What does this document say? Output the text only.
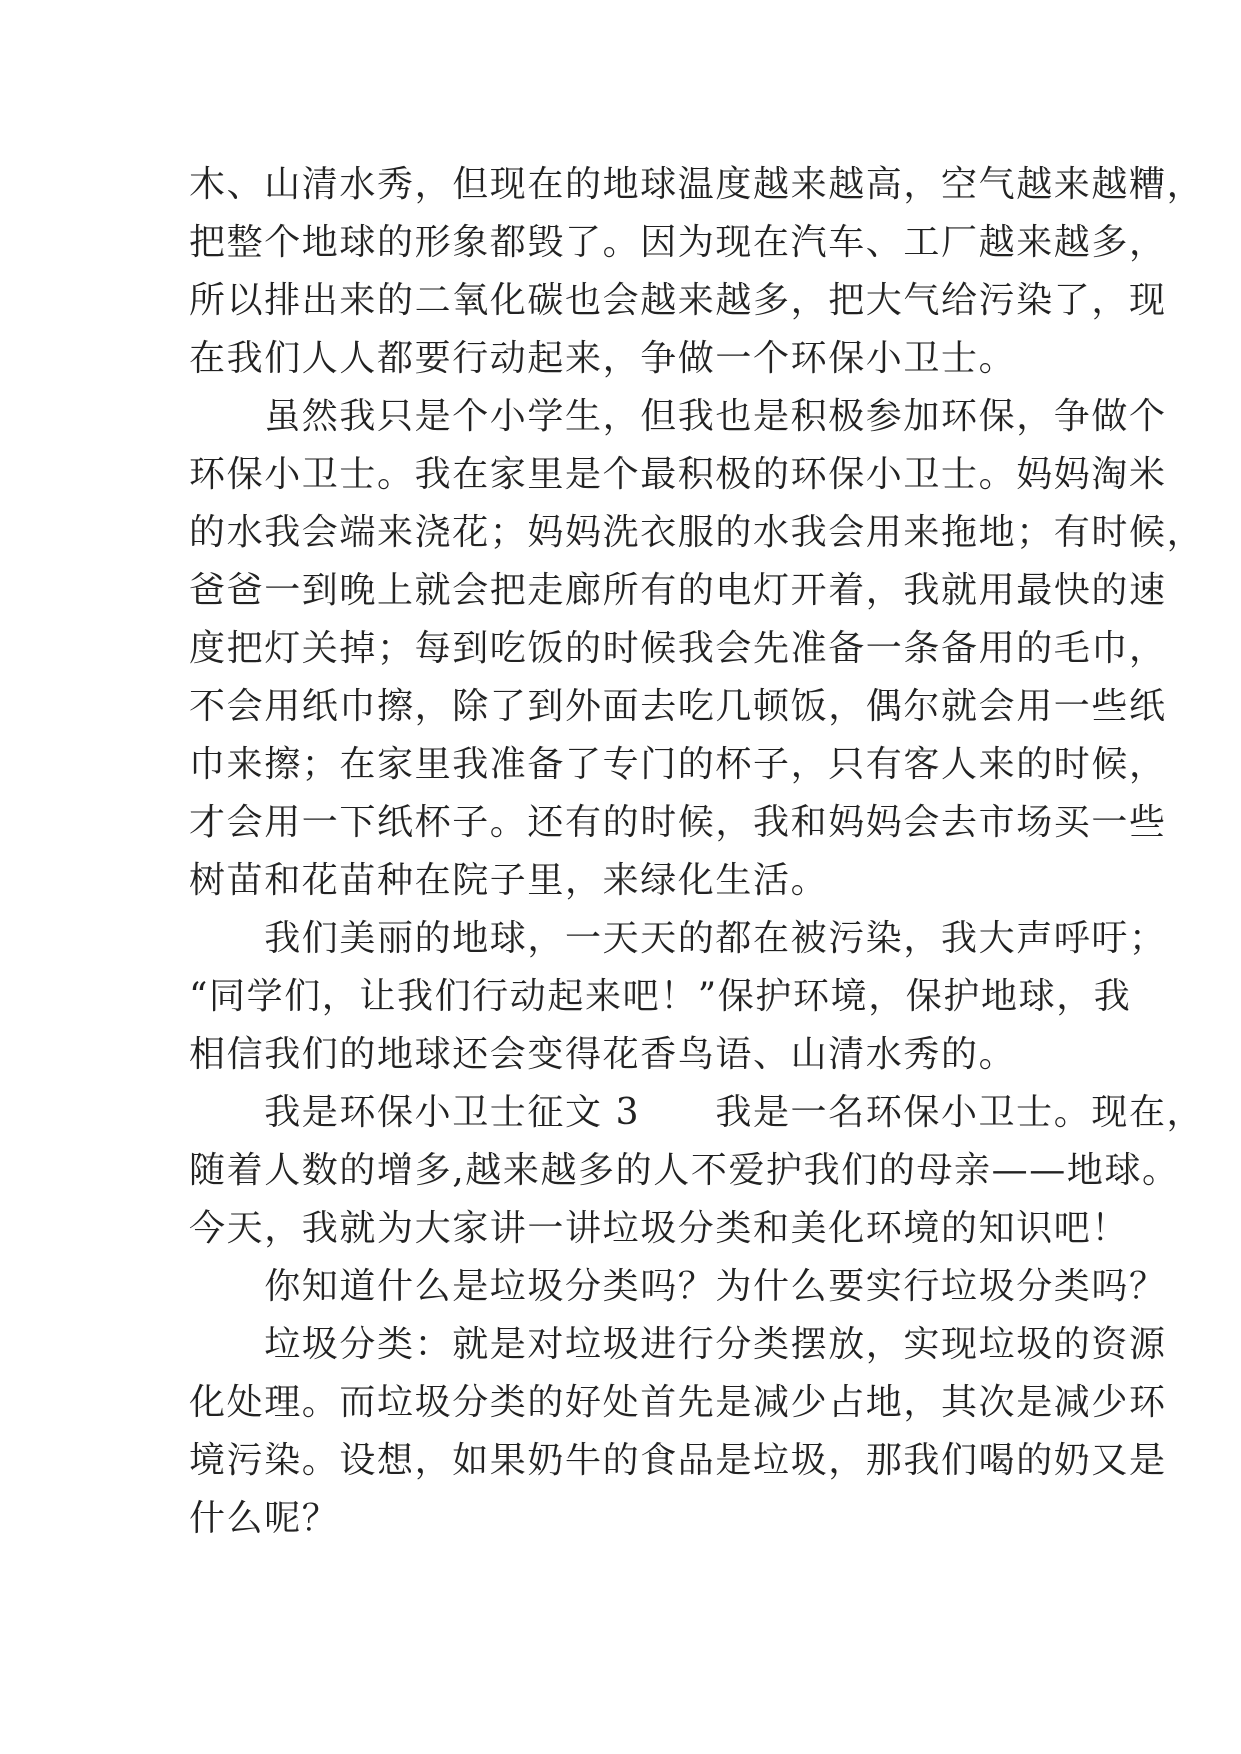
木、山清水秀，但现在的地球温度越来越高，空气越来越糟，
把整个地球的形象都毁了。因为现在汽车、工厂越来越多，
所以排出来的二氧化碳也会越来越多，把大气给污染了，现
在我们人人都要行动起来，争做一个环保小卫士。
　　虽然我只是个小学生，但我也是积极参加环保，争做个
环保小卫士。我在家里是个最积极的环保小卫士。妈妈淘米
的水我会端来浇花；妈妈洗衣服的水我会用来拖地；有时候，
爸爸一到晚上就会把走廊所有的电灯开着，我就用最快的速
度把灯关掉；每到吃饭的时候我会先准备一条备用的毛巾，
不会用纸巾擦，除了到外面去吃几顿饭，偶尔就会用一些纸
巾来擦；在家里我准备了专门的杯子，只有客人来的时候，
才会用一下纸杯子。还有的时候，我和妈妈会去市场买一些
树苗和花苗种在院子里，来绿化生活。
　　我们美丽的地球，一天天的都在被污染，我大声呼吁；
“同学们，让我们行动起来吧！”保护环境，保护地球，我
相信我们的地球还会变得花香鸟语、山清水秀的。
　　我是环保小卫士征文 3　　我是一名环保小卫士。现在，
随着人数的增多,越来越多的人不爱护我们的母亲——地球。
今天，我就为大家讲一讲垃圾分类和美化环境的知识吧！
　　你知道什么是垃圾分类吗？为什么要实行垃圾分类吗？
　　垃圾分类：就是对垃圾进行分类摆放，实现垃圾的资源
化处理。而垃圾分类的好处首先是减少占地，其次是减少环
境污染。设想，如果奶牛的食品是垃圾，那我们喝的奶又是
什么呢？
